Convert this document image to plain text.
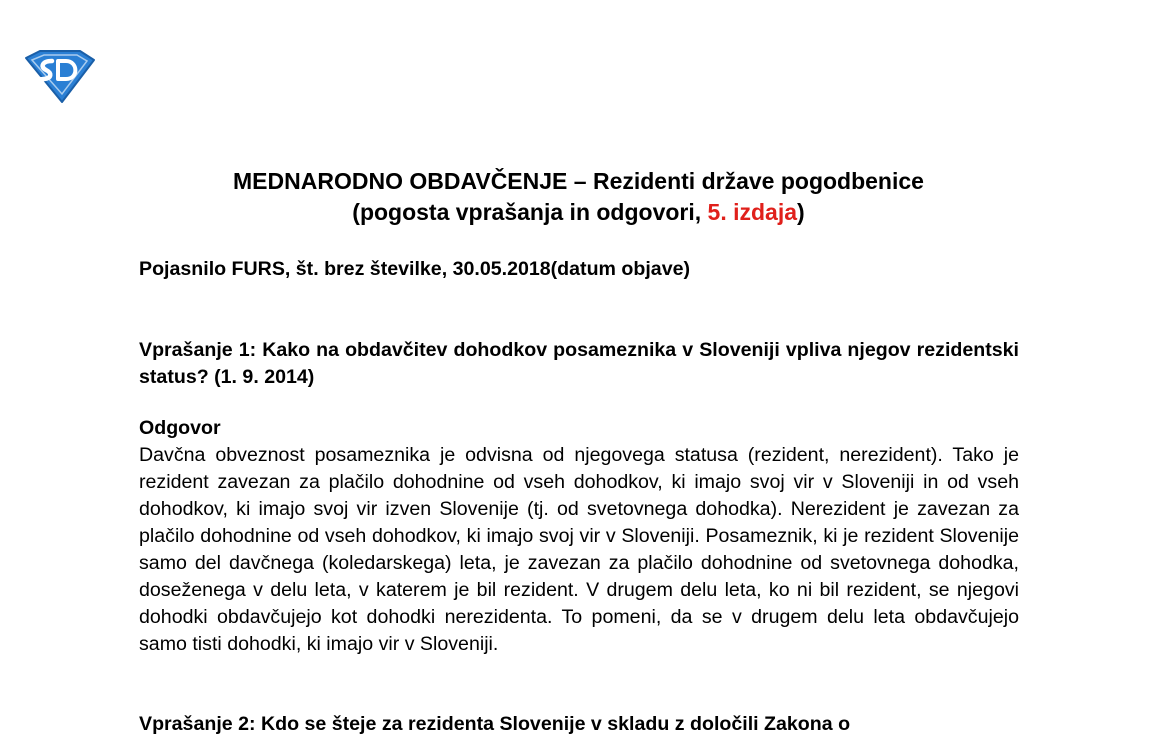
MEDNARODNO OBDAVČENJE – Rezidenti države pogodbenice
(pogosta vprašanja in odgovori, 5. izdaja)
Pojasnilo FURS, št. brez številke, 30.05.2018(datum objave)
Vprašanje 1: Kako na obdavčitev dohodkov posameznika v Sloveniji vpliva njegov rezidentski status? (1. 9. 2014)
Odgovor

Davčna obveznost posameznika je odvisna od njegovega statusa (rezident, nerezident). Tako je rezident zavezan za plačilo dohodnine od vseh dohodkov, ki imajo svoj vir v Sloveniji in od vseh dohodkov, ki imajo svoj vir izven Slovenije (tj. od svetovnega dohodka). Nerezident je zavezan za plačilo dohodnine od vseh dohodkov, ki imajo svoj vir v Sloveniji. Posameznik, ki je rezident Slovenije samo del davčnega (koledarskega) leta, je zavezan za plačilo dohodnine od svetovnega dohodka, doseženega v delu leta, v katerem je bil rezident. V drugem delu leta, ko ni bil rezident, se njegovi dohodki obdavčujejo kot dohodki nerezidenta. To pomeni, da se v drugem delu leta obdavčujejo samo tisti dohodki, ki imajo vir v Sloveniji.

Vprašanje 2: Kdo se šteje za rezidenta Slovenije v skladu z določili Zakona o
